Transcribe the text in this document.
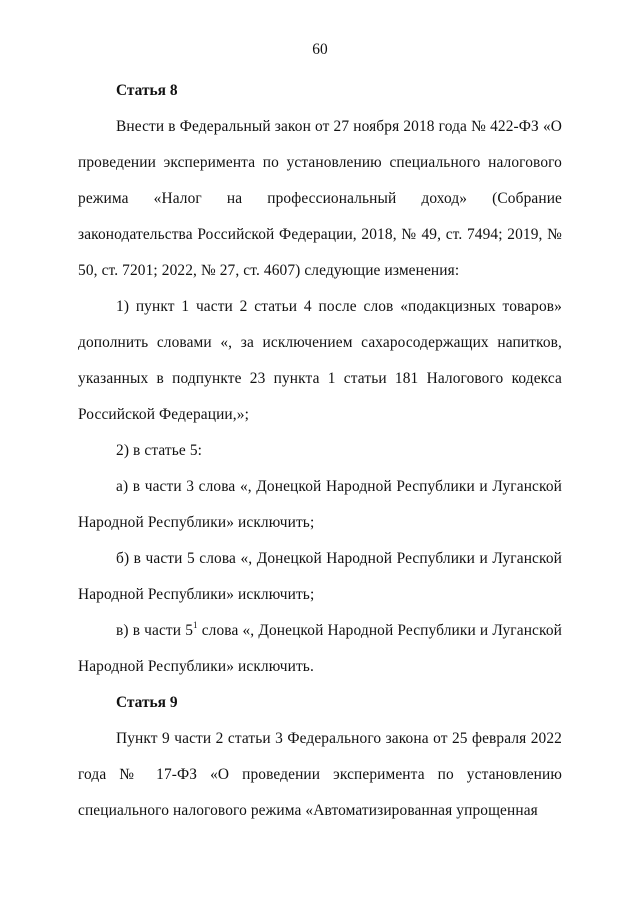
60

Статья 8

Внести в Федеральный закон от 27 ноября 2018 года № 422-ФЗ «О проведении эксперимента по установлению специального налогового режима «Налог на профессиональный доход» (Собрание законодательства Российской Федерации, 2018, № 49, ст. 7494; 2019, № 50, ст. 7201; 2022, № 27, ст. 4607) следующие изменения:

1) пункт 1 части 2 статьи 4 после слов «подакцизных товаров» дополнить словами «, за исключением сахаросодержащих напитков, указанных в подпункте 23 пункта 1 статьи 181 Налогового кодекса Российской Федерации,»;

2) в статье 5:

а) в части 3 слова «, Донецкой Народной Республики и Луганской Народной Республики» исключить;

б) в части 5 слова «, Донецкой Народной Республики и Луганской Народной Республики» исключить;

в) в части $5^1$ слова «, Донецкой Народной Республики и Луганской Народной Республики» исключить.

Статья 9

Пункт 9 части 2 статьи 3 Федерального закона от 25 февраля 2022 года № 17-ФЗ «О проведении эксперимента по установлению специального налогового режима «Автоматизированная упрощенная
